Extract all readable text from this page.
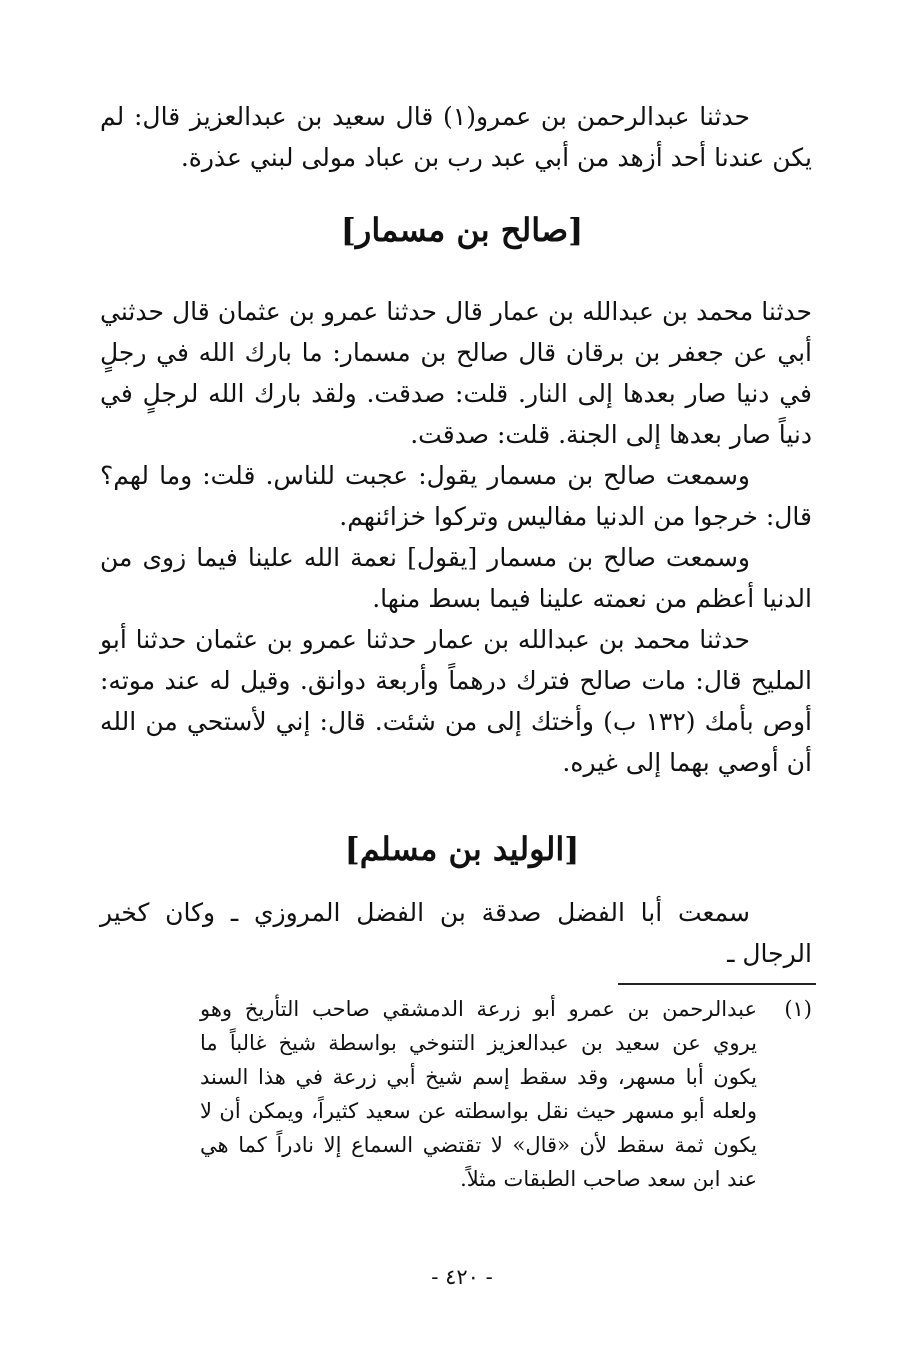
حدثنا عبدالرحمن بن عمرو(١) قال سعيد بن عبدالعزيز قال: لم يكن عندنا أحد أزهد من أبي عبد رب بن عباد مولى لبني عذرة.

[صالح بن مسمار]

حدثنا محمد بن عبدالله بن عمار قال حدثنا عمرو بن عثمان قال حدثني أبي عن جعفر بن برقان قال صالح بن مسمار: ما بارك الله في رجلٍ في دنيا صار بعدها إلى النار. قلت: صدقت. ولقد بارك الله لرجلٍ في دنياً صار بعدها إلى الجنة. قلت: صدقت.

وسمعت صالح بن مسمار يقول: عجبت للناس. قلت: وما لهم؟ قال: خرجوا من الدنيا مفاليس وتركوا خزائنهم.

وسمعت صالح بن مسمار [يقول] نعمة الله علينا فيما زوى من الدنيا أعظم من نعمته علينا فيما بسط منها.

حدثنا محمد بن عبدالله بن عمار حدثنا عمرو بن عثمان حدثنا أبو المليح قال: مات صالح فترك درهماً وأربعة دوانق. وقيل له عند موته: أوص بأمك (١٣٢ ب) وأختك إلى من شئت. قال: إني لأستحي من الله أن أوصي بهما إلى غيره.

[الوليد بن مسلم]

سمعت أبا الفضل صدقة بن الفضل المروزي ـ وكان كخير الرجال ـ

(١)
عبدالرحمن بن عمرو أبو زرعة الدمشقي صاحب التأريخ وهو يروي عن سعيد بن عبدالعزيز التنوخي بواسطة شيخ غالباً ما يكون أبا مسهر، وقد سقط إسم شيخ أبي زرعة في هذا السند ولعله أبو مسهر حيث نقل بواسطته عن سعيد كثيراً، ويمكن أن لا يكون ثمة سقط لأن «قال» لا تقتضي السماع إلا نادراً كما هي عند ابن سعد صاحب الطبقات مثلاً.
- ٤٢٠ -
